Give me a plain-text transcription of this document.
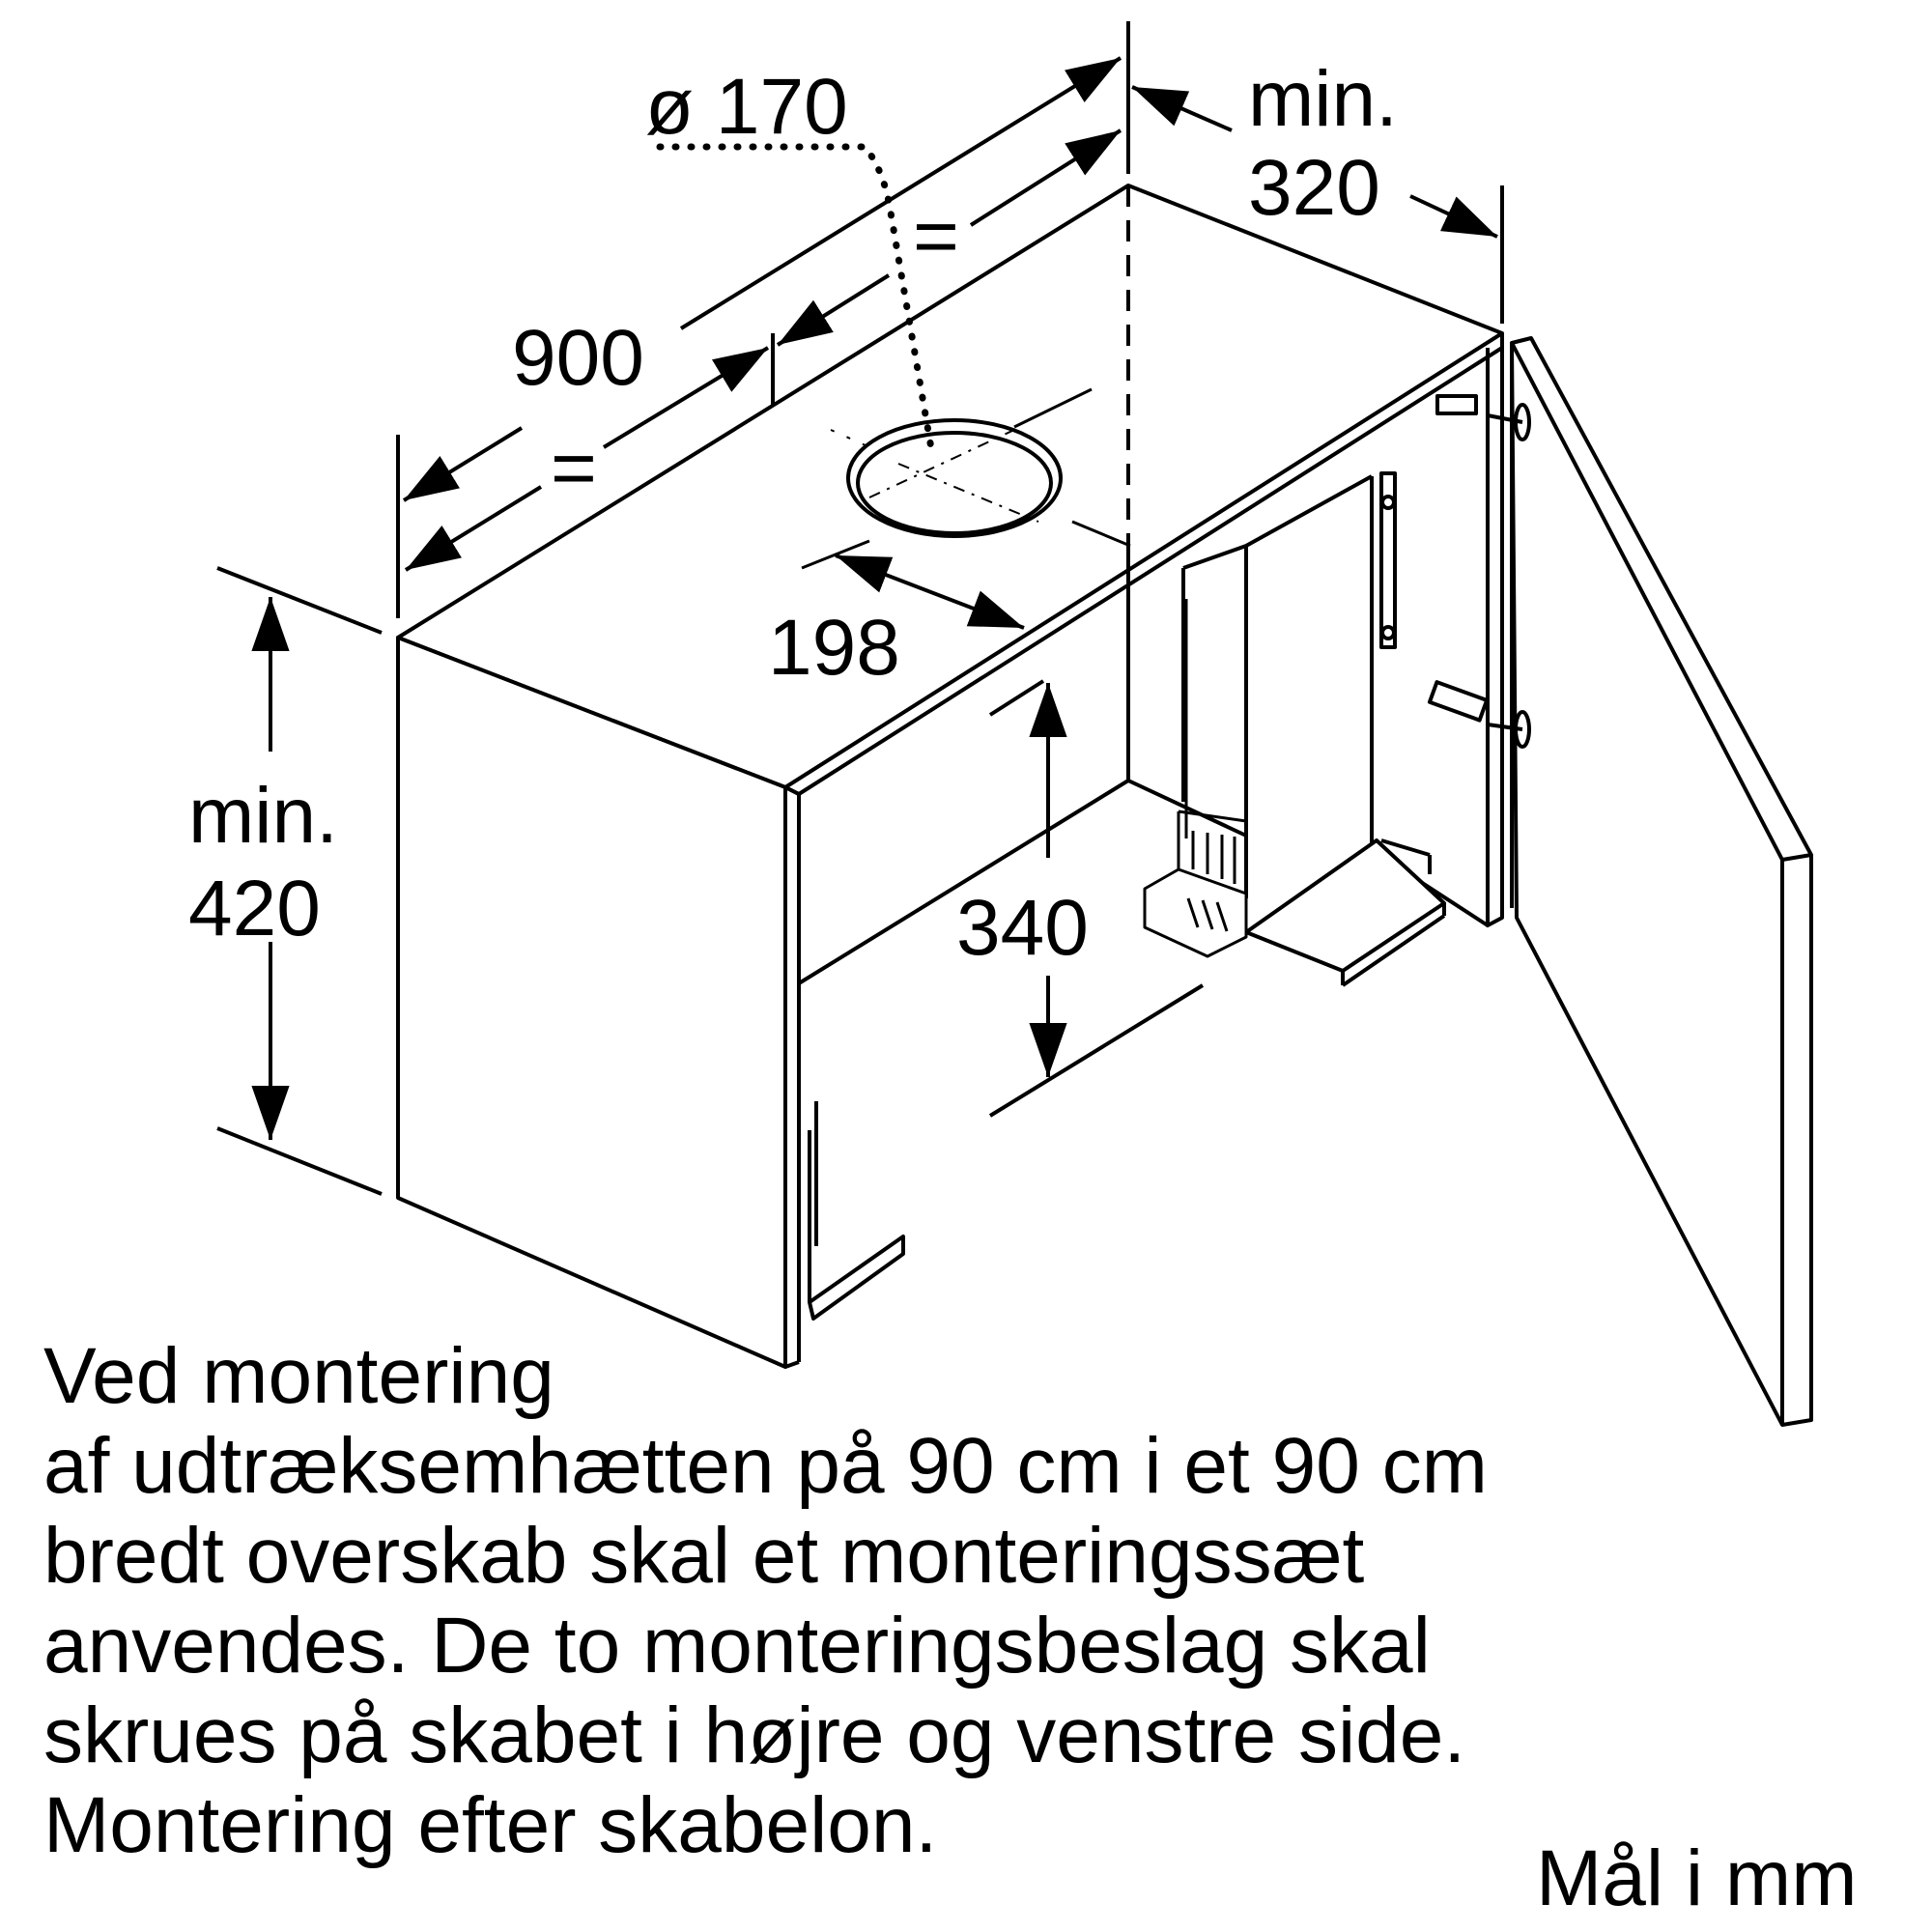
ø 170
900
=
=
min.
320
198
min.
420	340
Ved montering
af udtræksemhætten på 90 cm i et 90 cm
bredt overskab skal et monteringssæt
anvendes. De to monteringsbeslag skal
skrues på skabet i højre og venstre side.
Montering efter skabelon.
Mål i mm
